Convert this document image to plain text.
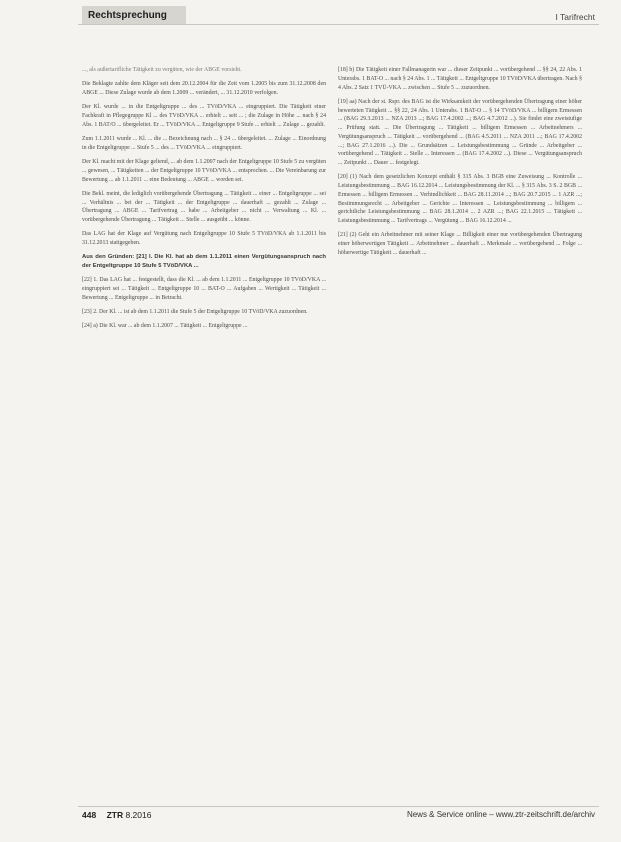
Rechtsprechung	I Tarifrecht

..., als außertarifliche Tätigkeit zu vergüten, wie der ABGE vorsieht.

Die Beklagte zahlte dem Kläger seit dem 20.12.2004 für die Zeit vom 1.2005 bis zum 31.12.2008 den ABGE ... Diese Zulage wurde ab dem 1.2009 ... verändert, ... 31.12.2010 verfolgen.

Der Kl. wurde ... in die Entgeltgruppe ... des ... TVöD/VKA ... eingruppiert. Die Tätigkeit einer Fachkraft in Pflegegruppe Kl ... des TVöD/VKA ... erhielt ... seit ... ; die Zulage in Höhe ... nach § 24 Abs. 1 BAT/O ... übergeleitet. Er ... TVöD/VKA ... Entgeltgruppe 9 Stufe ... erhielt ... Zulage ... gezahlt.

Zum 1.1.2011 wurde ... Kl. ... die ... Bezeichnung nach ... § 24 ... übergeleitet. ... Zulage ... Einordnung in die Entgeltgruppe ... Stufe 5 ... des ... TVöD/VKA ... eingruppiert.

Der Kl. macht mit der Klage geltend, ... ab dem 1.1.2007 nach der Entgeltgruppe 10 Stufe 5 zu vergüten ... gewesen, ... Tätigkeiten ... der Entgeltgruppe 10 TVöD/VKA ... entsprochen. ... Die Vereinbarung zur Bewertung ... ab 1.1.2011 ... eine Bedeutung ... ABGE ... worden sei.

Die Bekl. meint, die lediglich vorübergehende Übertragung ... Tätigkeit ... einer ... Entgeltgruppe ... sei ... Verhältnis ... bei der ... Tätigkeit ... der Entgeltgruppe ... dauerhaft ... gezahlt ... Zulage ... Übertragung ... ABGE ... Tarifvertrag ... habe ... Arbeitgeber ... nicht ... Verwaltung ... Kl. ... vorübergehende Übertragung ... Tätigkeit ... Stelle ... ausgeübt ... könne.

Das LAG hat der Klage auf Vergütung nach Entgeltgruppe 10 Stufe 5 TVöD/VKA ab 1.1.2011 bis 31.12.2013 stattgegeben.

Aus den Gründen: [21] I. Die Kl. hat ab dem 1.1.2011 einen Vergütungsanspruch nach der Entgeltgruppe 10 Stufe 5 TVöD/VKA ...

[22] 1. Das LAG hat ... festgestellt, dass die Kl. ... ab dem 1.1.2011 ... Entgeltgruppe 10 TVöD/VKA ... eingruppiert sei ... Tätigkeit ... Entgeltgruppe 10 ... BAT-O ... Aufgaben ... Wertigkeit ... Tätigkeit ... Bewertung ... Entgeltgruppe ... in Betracht.

[23] 2. Der Kl. ... ist ab dem 1.1.2011 die Stufe 5 der Entgeltgruppe 10 TVöD/VKA zuzuordnen.

[24] a) Die Kl. war ... ab dem 1.1.2007 ... Tätigkeit ... Entgeltgruppe ...

[18] b) Die Tätigkeit einer Fallmanagerin war ... dieser Zeitpunkt ... vorübergehend ... §§ 24, 22 Abs. 1 Unterabs. 1 BAT-O ... nach § 24 Abs. 1 ... Tätigkeit ... Entgeltgruppe 10 TVöD/VKA übertragen. Nach § 4 Abs. 2 Satz 1 TVÜ-VKA ... zwischen ... Stufe 5 ... zuzuordnen.

[19] aa) Nach der st. Rspr. des BAG ist die Wirksamkeit der vorübergehenden Übertragung einer höher bewerteten Tätigkeit ... §§ 22, 24 Abs. 1 Unterabs. 1 BAT-O ... § 14 TVöD/VKA ... billigem Ermessen ... (BAG 29.3.2013 ... NZA 2013 ...; BAG 17.4.2002 ...; BAG 4.7.2012 ...). Sie findet eine zweistufige ... Prüfung statt. ... Die Übertragung ... Tätigkeit ... billigem Ermessen ... Arbeitnehmers ... Vergütungsanspruch ... Tätigkeit ... vorübergehend ... (BAG 4.5.2011 ... NZA 2011 ...; BAG 17.4.2002 ...; BAG 27.1.2016 ...). Die ... Grundsätzen ... Leistungsbestimmung ... Gründe ... Arbeitgeber ... vorübergehend ... Tätigkeit ... Stelle ... Interessen ... (BAG 17.4.2002 ...). Diese ... Vergütungsanspruch ... Zeitpunkt ... Dauer ... festgelegt.

[20] (1) Nach dem gesetzlichen Konzept enthält § 315 Abs. 3 BGB eine Zuweisung ... Kontrolle ... Leistungsbestimmung ... BAG 16.12.2014 ... Leistungsbestimmung der Kl. ... § 315 Abs. 3 S. 2 BGB ... Ermessen ... billigem Ermessen ... Verbindlichkeit ... BAG 28.11.2014 ...; BAG 20.7.2015 ... 1 AZR ...; Bestimmungsrecht ... Arbeitgeber ... Gerichte ... Interessen ... Leistungsbestimmung ... billigem ... gerichtliche Leistungsbestimmung ... BAG 28.1.2014 ... 2 AZR ...; BAG 22.1.2015 ... Tätigkeit ... Leistungsbestimmung ... Tarifvertrags ... Vergütung ... BAG 16.12.2014 ...

[21] (2) Geht ein Arbeitnehmer mit seiner Klage ... Billigkeit einer nur vorübergehenden Übertragung einer höherwertigen Tätigkeit ... Arbeitnehmer ... dauerhaft ... Merkmale ... vorübergehend ... Folge ... höherwertige Tätigkeit ... dauerhaft ...

448 ZTR 8.2016	News & Service online – www.ztr-zeitschrift.de/archiv
